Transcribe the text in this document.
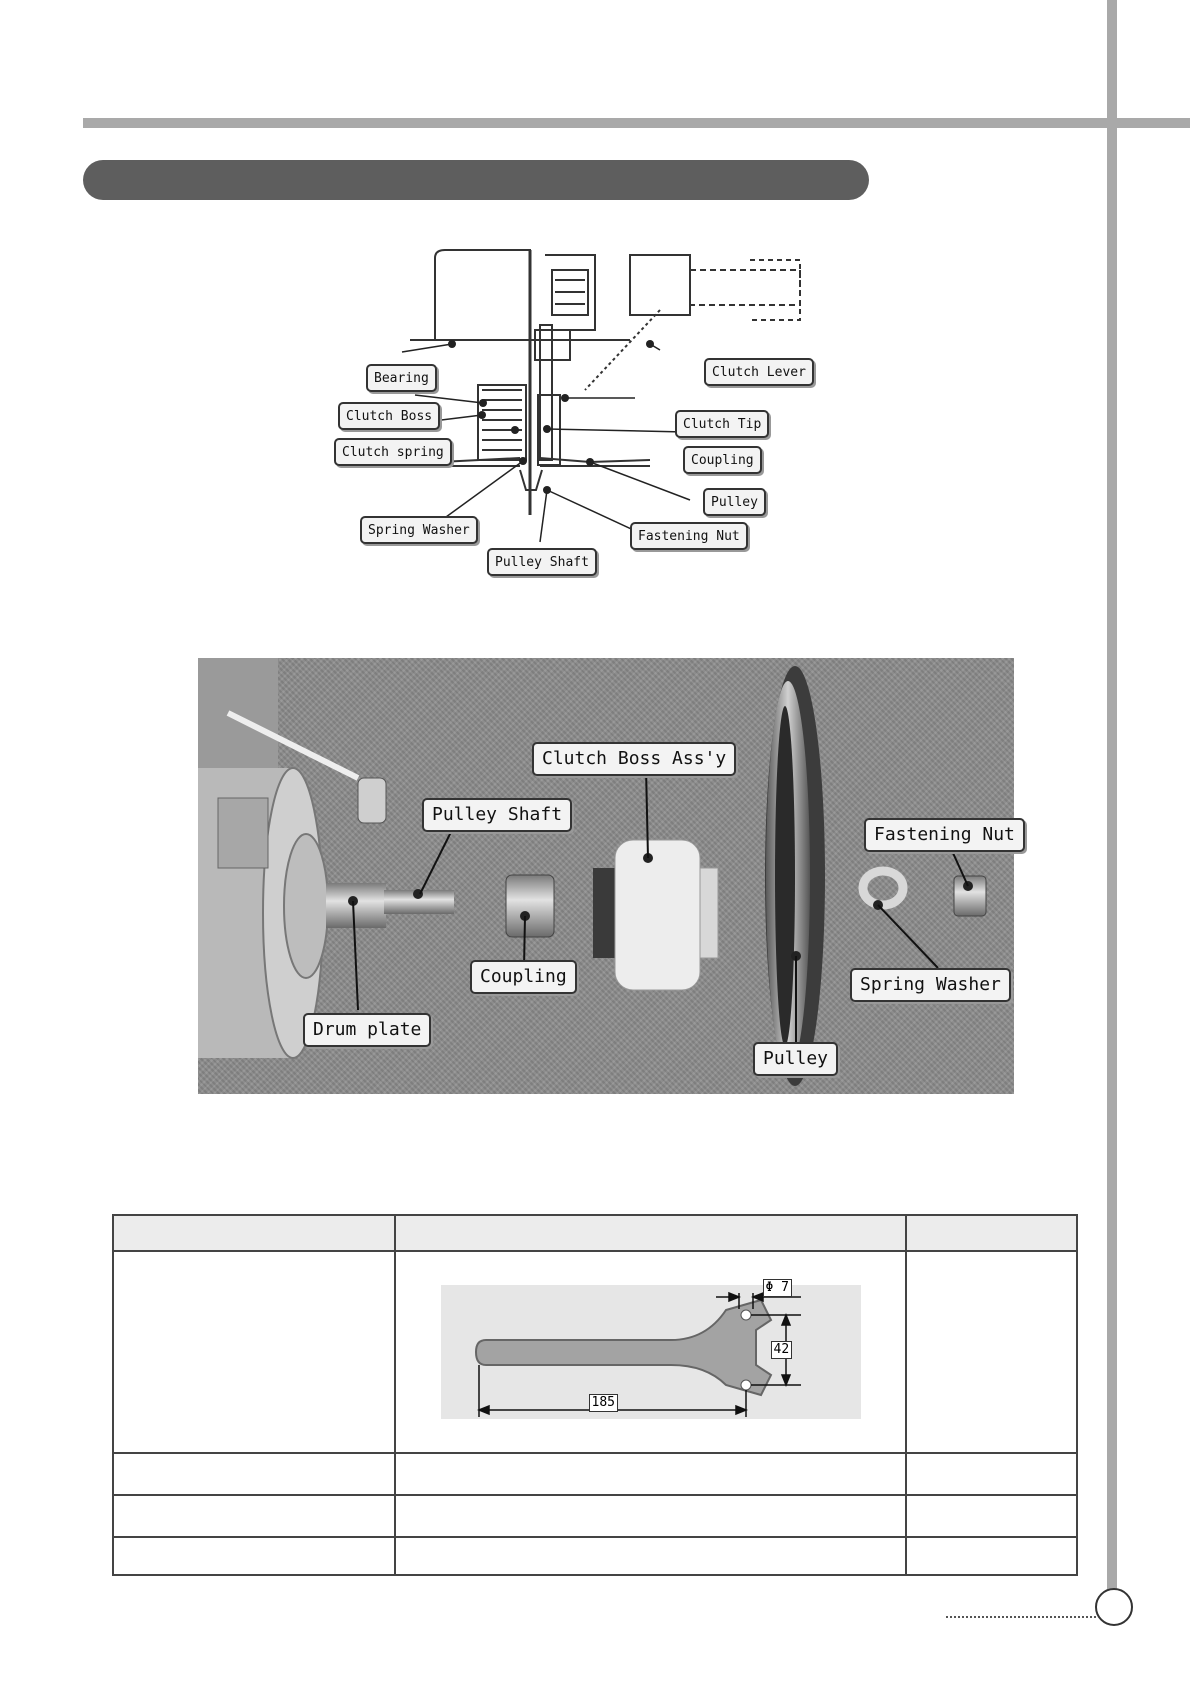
Bearing
Clutch Boss
Clutch spring
Spring Washer
Pulley Shaft
Clutch Lever
Clutch Tip
Coupling
Pulley
Fastening Nut
Clutch Boss Ass'y
Pulley Shaft
Coupling
Drum plate
Pulley
Fastening Nut
Spring Washer

	Φ 7
42
185	
